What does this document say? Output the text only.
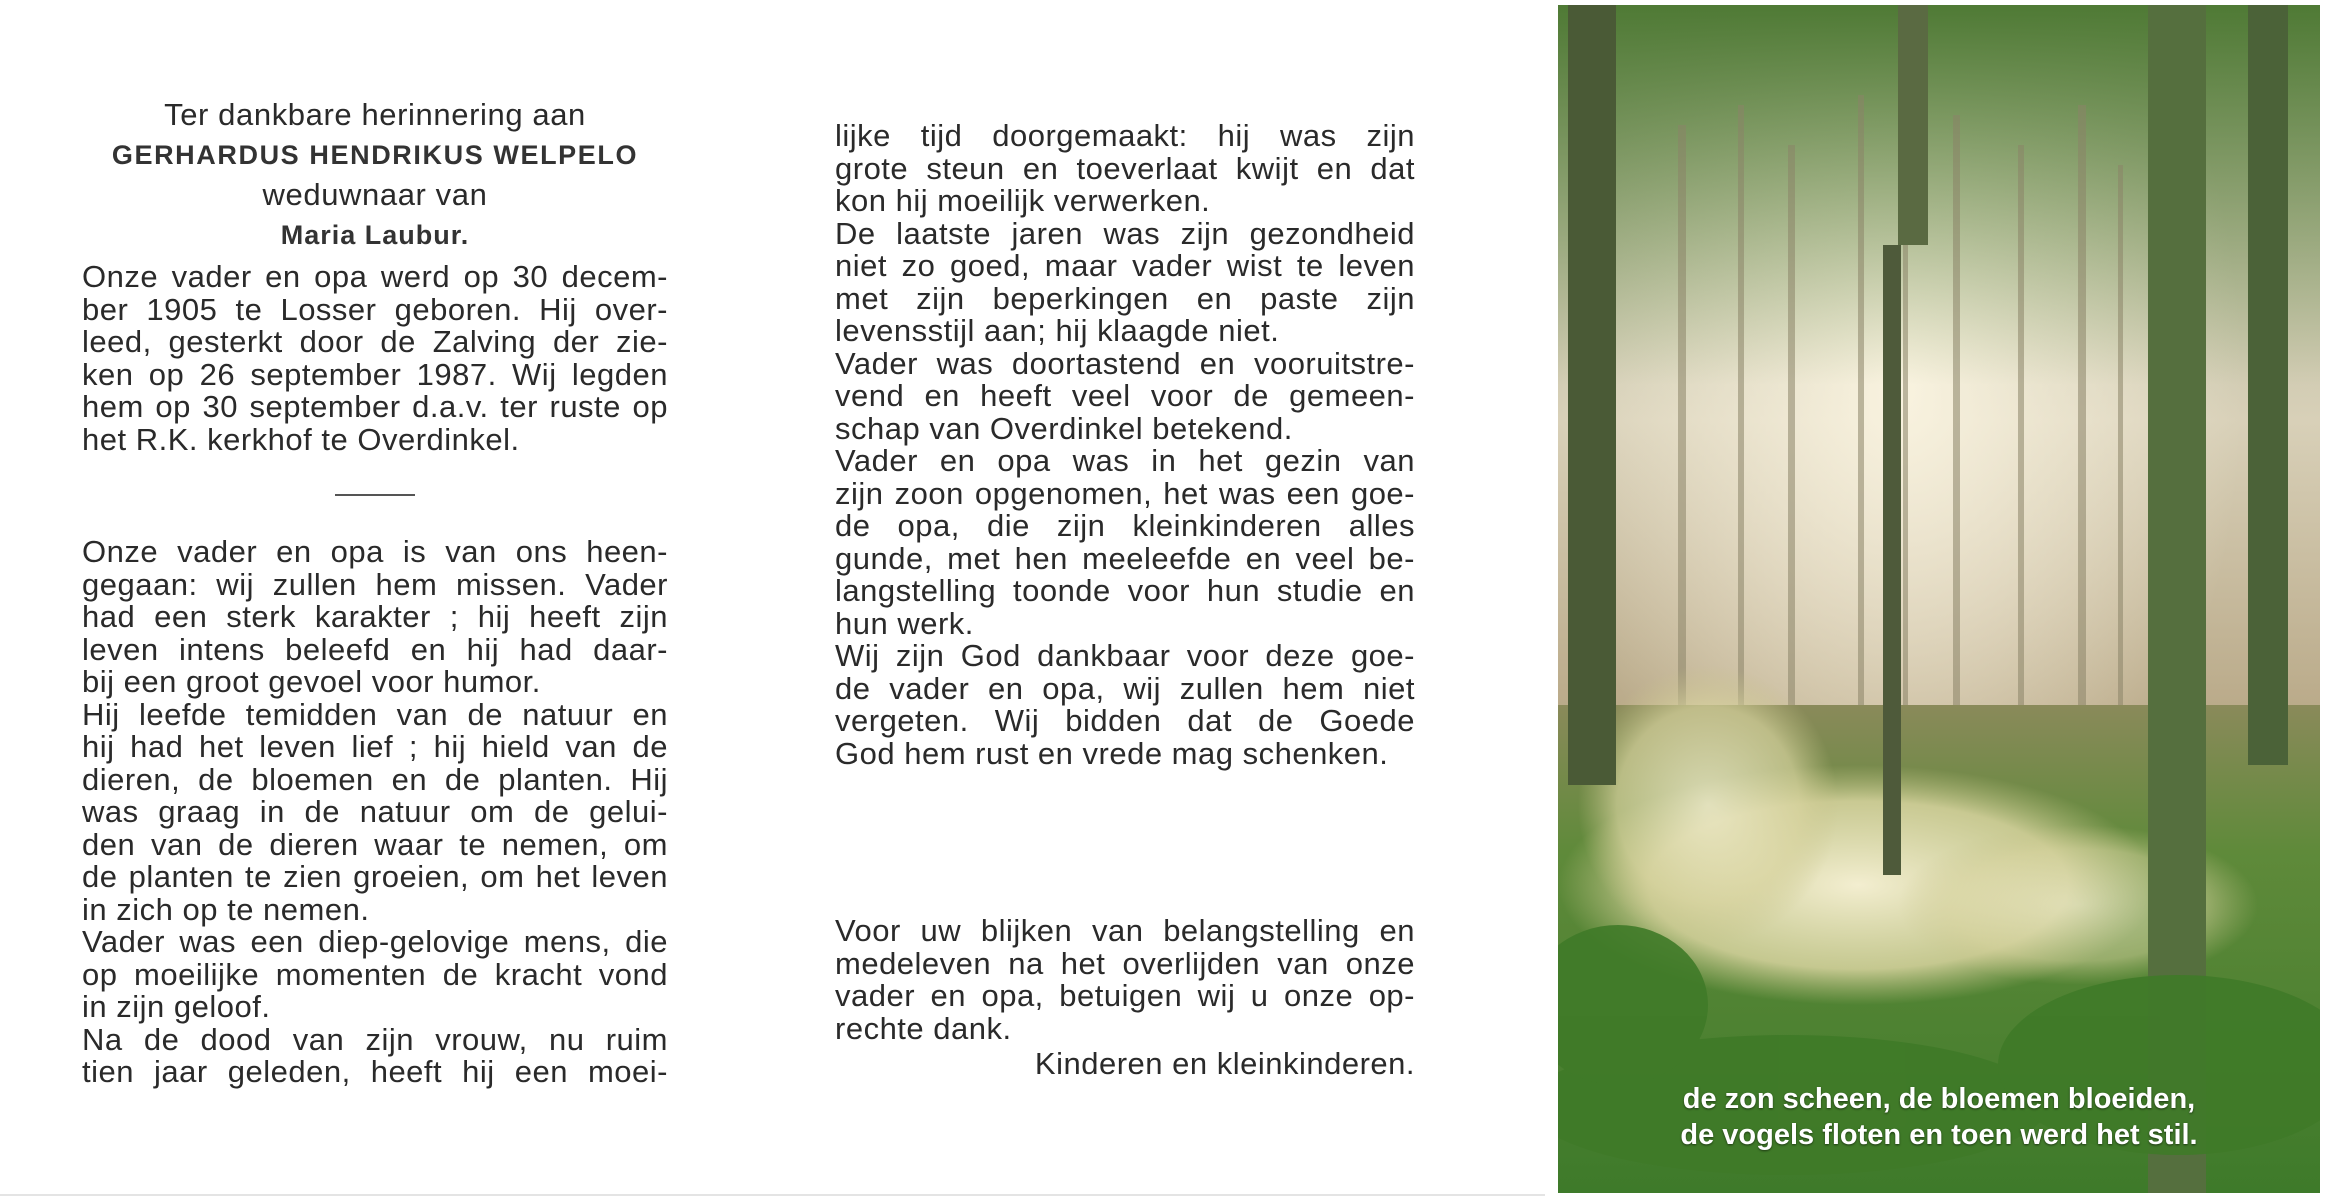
Ter dankbare herinnering aan
GERHARDUS HENDRIKUS WELPELO
weduwnaar van
Maria Laubur.
Onze vader en opa werd op 30 decem-
ber 1905 te Losser geboren. Hij over-
leed, gesterkt door de Zalving der zie-
ken op 26 september 1987. Wij legden
hem op 30 september d.a.v. ter ruste op
het R.K. kerkhof te Overdinkel.
Onze vader en opa is van ons heen-
gegaan: wij zullen hem missen. Vader
had een sterk karakter ; hij heeft zijn
leven intens beleefd en hij had daar-
bij een groot gevoel voor humor.
Hij leefde temidden van de natuur en
hij had het leven lief ; hij hield van de
dieren, de bloemen en de planten. Hij
was graag in de natuur om de gelui-
den van de dieren waar te nemen, om
de planten te zien groeien, om het leven
in zich op te nemen.
Vader was een diep-gelovige mens, die
op moeilijke momenten de kracht vond
in zijn geloof.
Na de dood van zijn vrouw, nu ruim
tien jaar geleden, heeft hij een moei-
lijke tijd doorgemaakt: hij was zijn
grote steun en toeverlaat kwijt en dat
kon hij moeilijk verwerken.
De laatste jaren was zijn gezondheid
niet zo goed, maar vader wist te leven
met zijn beperkingen en paste zijn
levensstijl aan; hij klaagde niet.
Vader was doortastend en vooruitstre-
vend en heeft veel voor de gemeen-
schap van Overdinkel betekend.
Vader en opa was in het gezin van
zijn zoon opgenomen, het was een goe-
de opa, die zijn kleinkinderen alles
gunde, met hen meeleefde en veel be-
langstelling toonde voor hun studie en
hun werk.
Wij zijn God dankbaar voor deze goe-
de vader en opa, wij zullen hem niet
vergeten. Wij bidden dat de Goede
God hem rust en vrede mag schenken.
Voor uw blijken van belangstelling en
medeleven na het overlijden van onze
vader en opa, betuigen wij u onze op-
rechte dank.
Kinderen en kleinkinderen.
de zon scheen, de bloemen bloeiden,
de vogels floten en toen werd het stil.
